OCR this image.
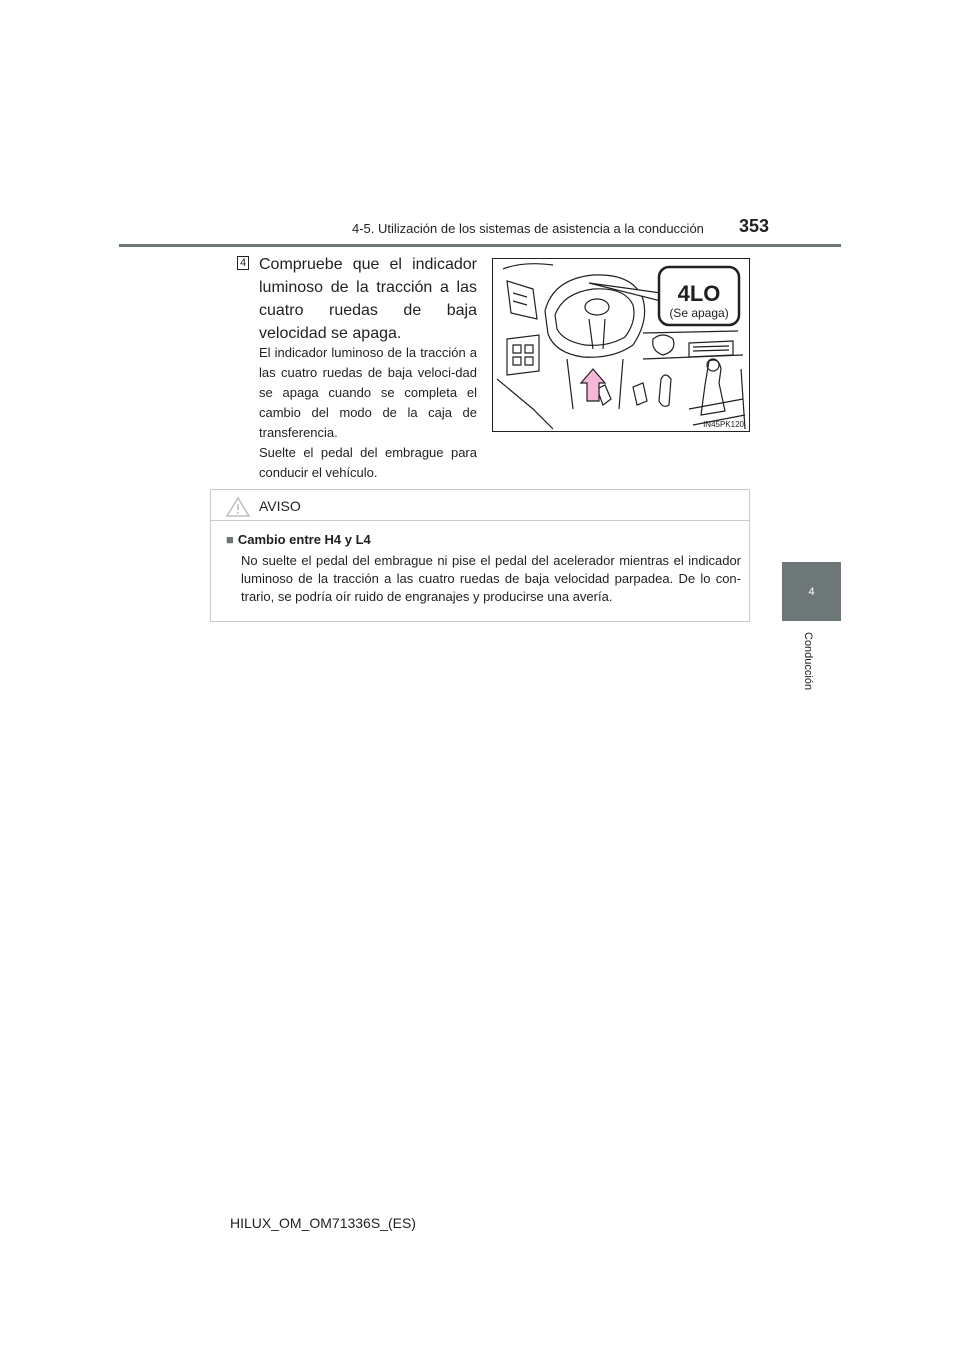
4-5. Utilización de los sistemas de asistencia a la conducción 353
4
Conducción
4 Compruebe que el indicador luminoso de la tracción a las cuatro ruedas de baja velocidad se apaga.
El indicador luminoso de la tracción a las cuatro ruedas de baja veloci-dad se apaga cuando se completa el cambio del modo de la caja de transferencia.
Suelte el pedal del embrague para conducir el vehículo.
4LO
(Se apaga)
IN45PK120
AVISO
■ Cambio entre H4 y L4
No suelte el pedal del embrague ni pise el pedal del acelerador mientras el indicador luminoso de la tracción a las cuatro ruedas de baja velocidad parpadea. De lo con-trario, se podría oír ruido de engranajes y producirse una avería.
HILUX_OM_OM71336S_(ES)
